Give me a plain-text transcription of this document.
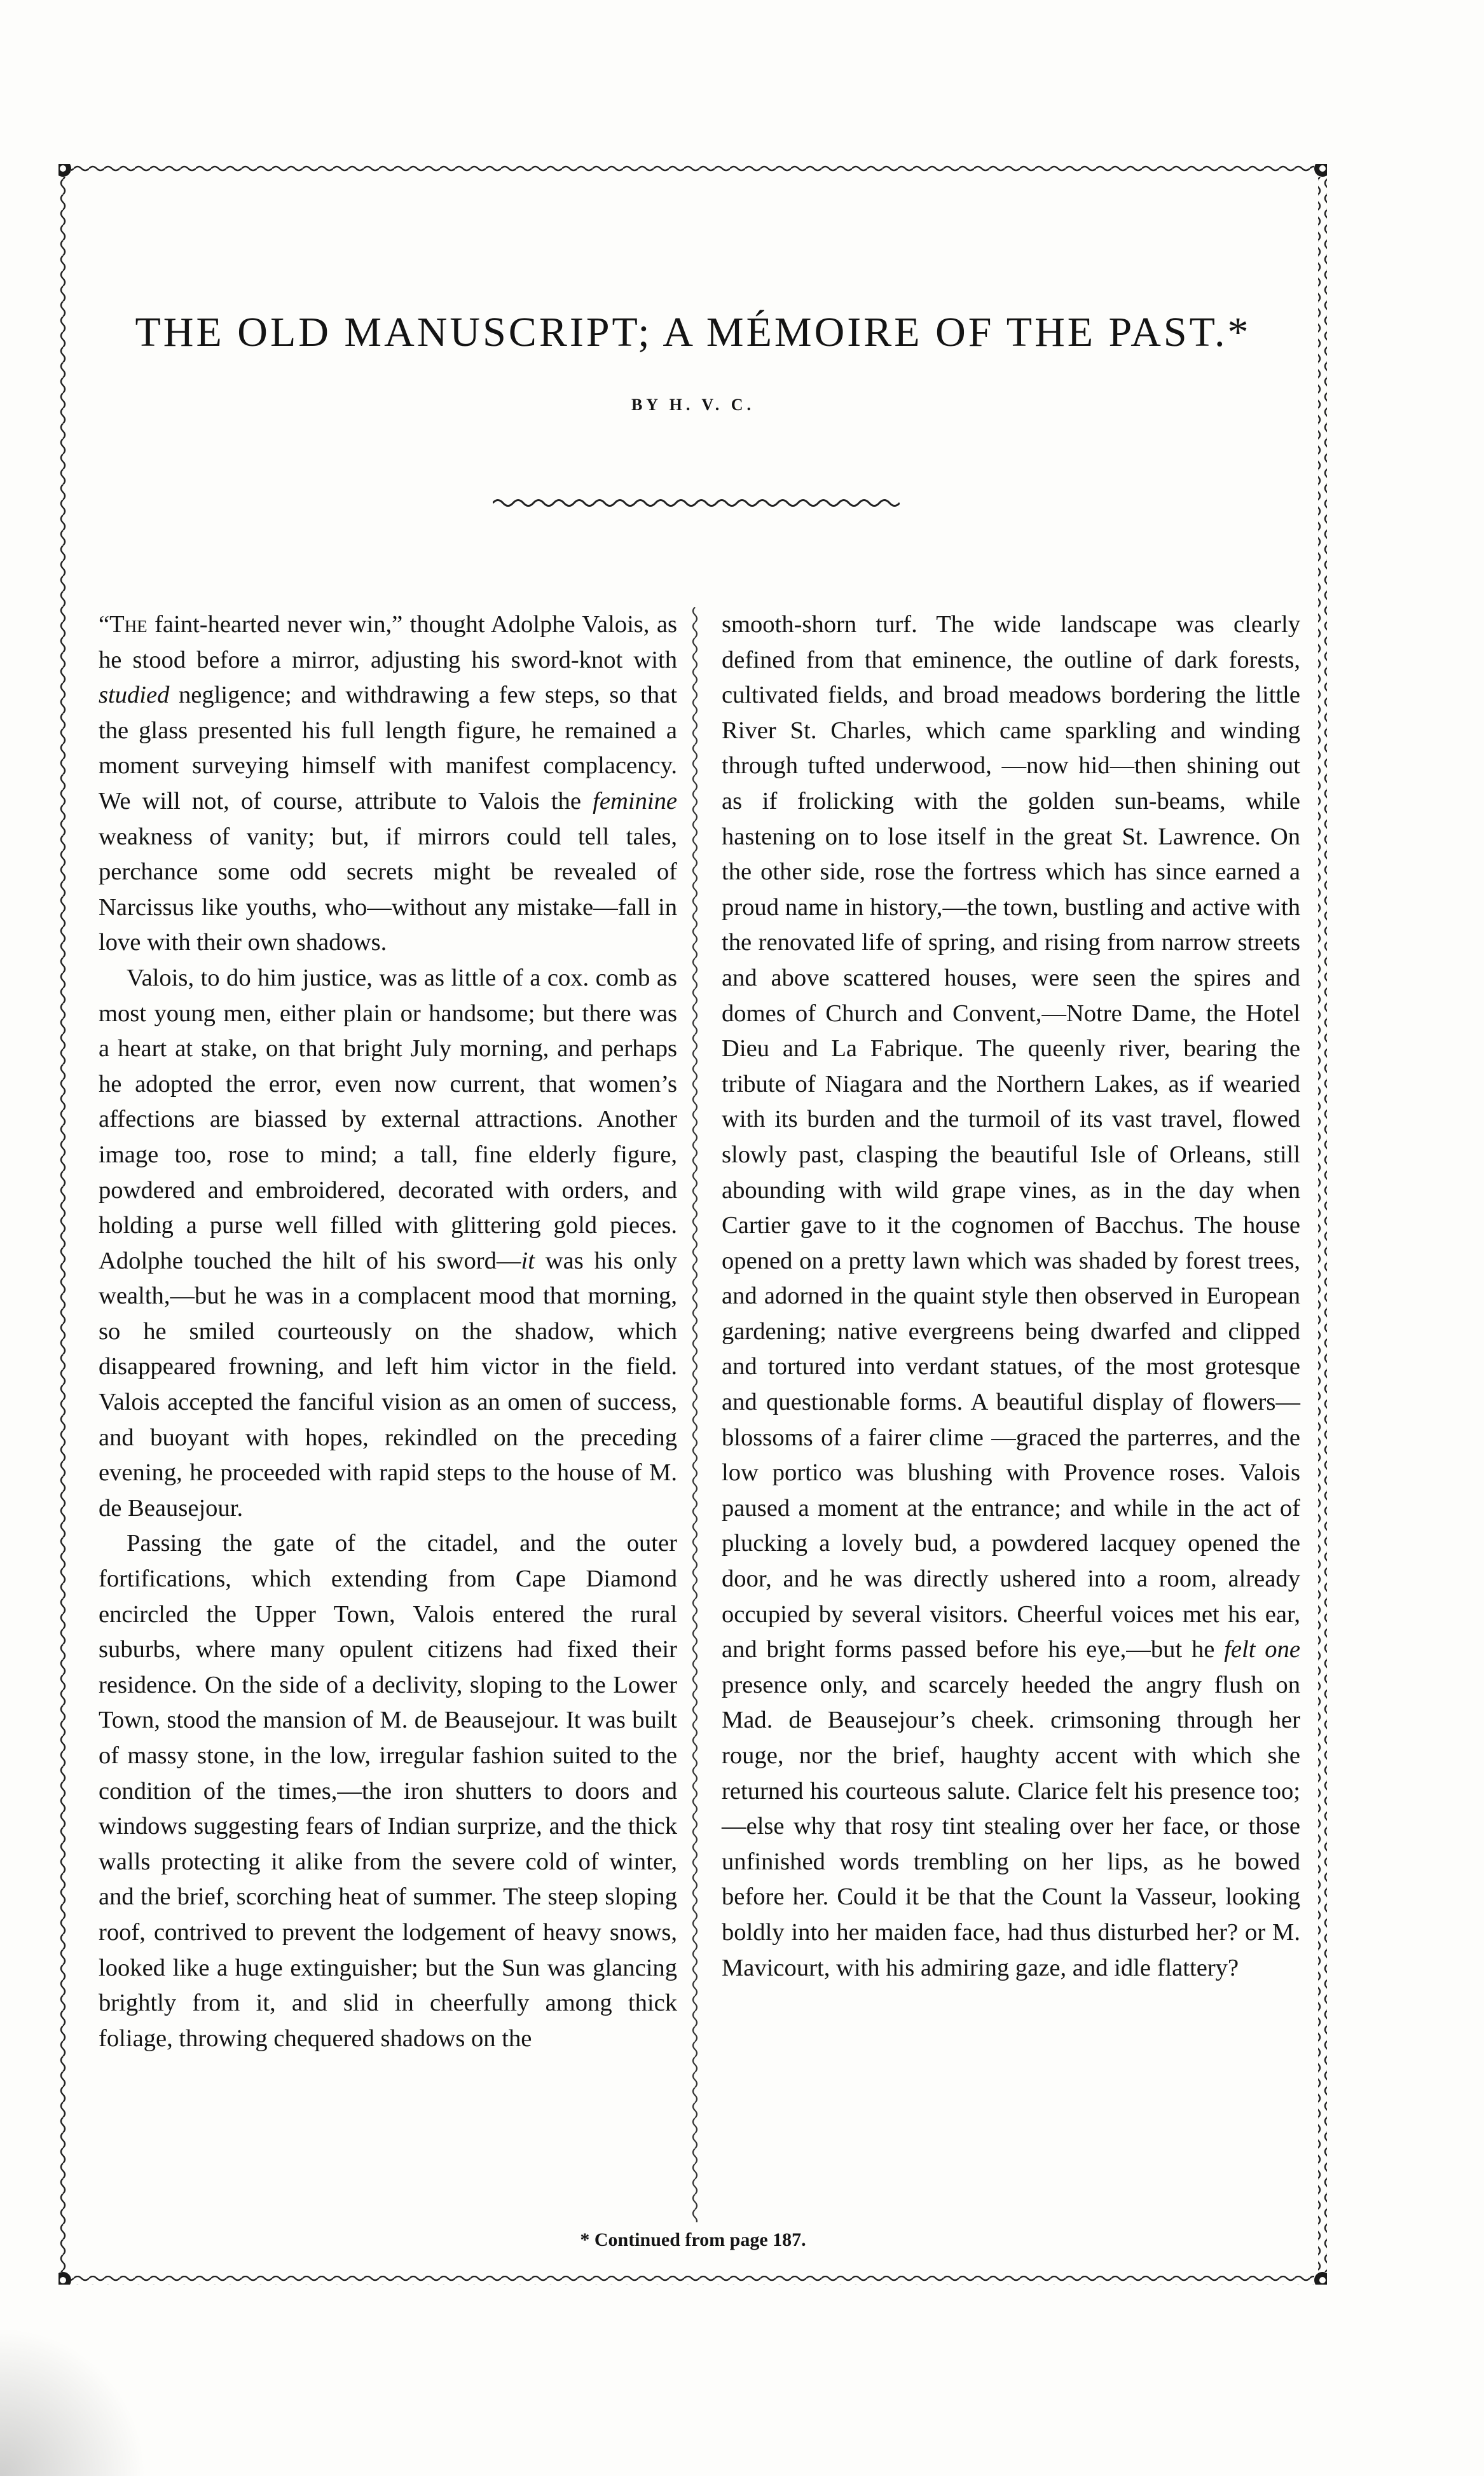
THE OLD MANUSCRIPT; A MÉMOIRE OF THE PAST.*

BY H. V. C.

“The faint-hearted never win,” thought Adolphe Valois, as he stood before a mirror, adjusting his sword-knot with studied negligence; and withdrawing a few steps, so that the glass presented his full length figure, he remained a moment surveying himself with manifest complacency. We will not, of course, attribute to Valois the feminine weakness of vanity; but, if mirrors could tell tales, perchance some odd secrets might be revealed of Narcissus like youths, who—without any mistake—fall in love with their own shadows.

Valois, to do him justice, was as little of a cox. comb as most young men, either plain or handsome; but there was a heart at stake, on that bright July morning, and perhaps he adopted the error, even now current, that women’s affections are biassed by external attractions. Another image too, rose to mind; a tall, fine elderly figure, powdered and embroidered, decorated with orders, and holding a purse well filled with glittering gold pieces. Adolphe touched the hilt of his sword—it was his only wealth,—but he was in a complacent mood that morning, so he smiled courteously on the shadow, which disappeared frowning, and left him victor in the field. Valois accepted the fanciful vision as an omen of success, and buoyant with hopes, rekindled on the preceding evening, he proceeded with rapid steps to the house of M. de Beausejour.

Passing the gate of the citadel, and the outer fortifications, which extending from Cape Diamond encircled the Upper Town, Valois entered the rural suburbs, where many opulent citizens had fixed their residence. On the side of a declivity, sloping to the Lower Town, stood the mansion of M. de Beausejour. It was built of massy stone, in the low, irregular fashion suited to the condition of the times,—the iron shutters to doors and windows suggesting fears of Indian surprize, and the thick walls protecting it alike from the severe cold of winter, and the brief, scorching heat of summer. The steep sloping roof, contrived to prevent the lodgement of heavy snows, looked like a huge extinguisher; but the Sun was glancing brightly from it, and slid in cheerfully among thick foliage, throwing chequered shadows on the

smooth-shorn turf. The wide landscape was clearly defined from that eminence, the outline of dark forests, cultivated fields, and broad meadows bordering the little River St. Charles, which came sparkling and winding through tufted underwood, —now hid—then shining out as if frolicking with the golden sun-beams, while hastening on to lose itself in the great St. Lawrence. On the other side, rose the fortress which has since earned a proud name in history,—the town, bustling and active with the renovated life of spring, and rising from narrow streets and above scattered houses, were seen the spires and domes of Church and Convent,—Notre Dame, the Hotel Dieu and La Fabrique. The queenly river, bearing the tribute of Niagara and the Northern Lakes, as if wearied with its burden and the turmoil of its vast travel, flowed slowly past, clasping the beautiful Isle of Orleans, still abounding with wild grape vines, as in the day when Cartier gave to it the cognomen of Bacchus. The house opened on a pretty lawn which was shaded by forest trees, and adorned in the quaint style then observed in European gardening; native evergreens being dwarfed and clipped and tortured into verdant statues, of the most grotesque and questionable forms. A beautiful display of flowers—blossoms of a fairer clime —graced the parterres, and the low portico was blushing with Provence roses. Valois paused a moment at the entrance; and while in the act of plucking a lovely bud, a powdered lacquey opened the door, and he was directly ushered into a room, already occupied by several visitors. Cheerful voices met his ear, and bright forms passed before his eye,—but he felt one presence only, and scarcely heeded the angry flush on Mad. de Beausejour’s cheek. crimsoning through her rouge, nor the brief, haughty accent with which she returned his courteous salute. Clarice felt his presence too;—else why that rosy tint stealing over her face, or those unfinished words trembling on her lips, as he bowed before her. Could it be that the Count la Vasseur, looking boldly into her maiden face, had thus disturbed her? or M. Mavicourt, with his admiring gaze, and idle flattery?

* Continued from page 187.
